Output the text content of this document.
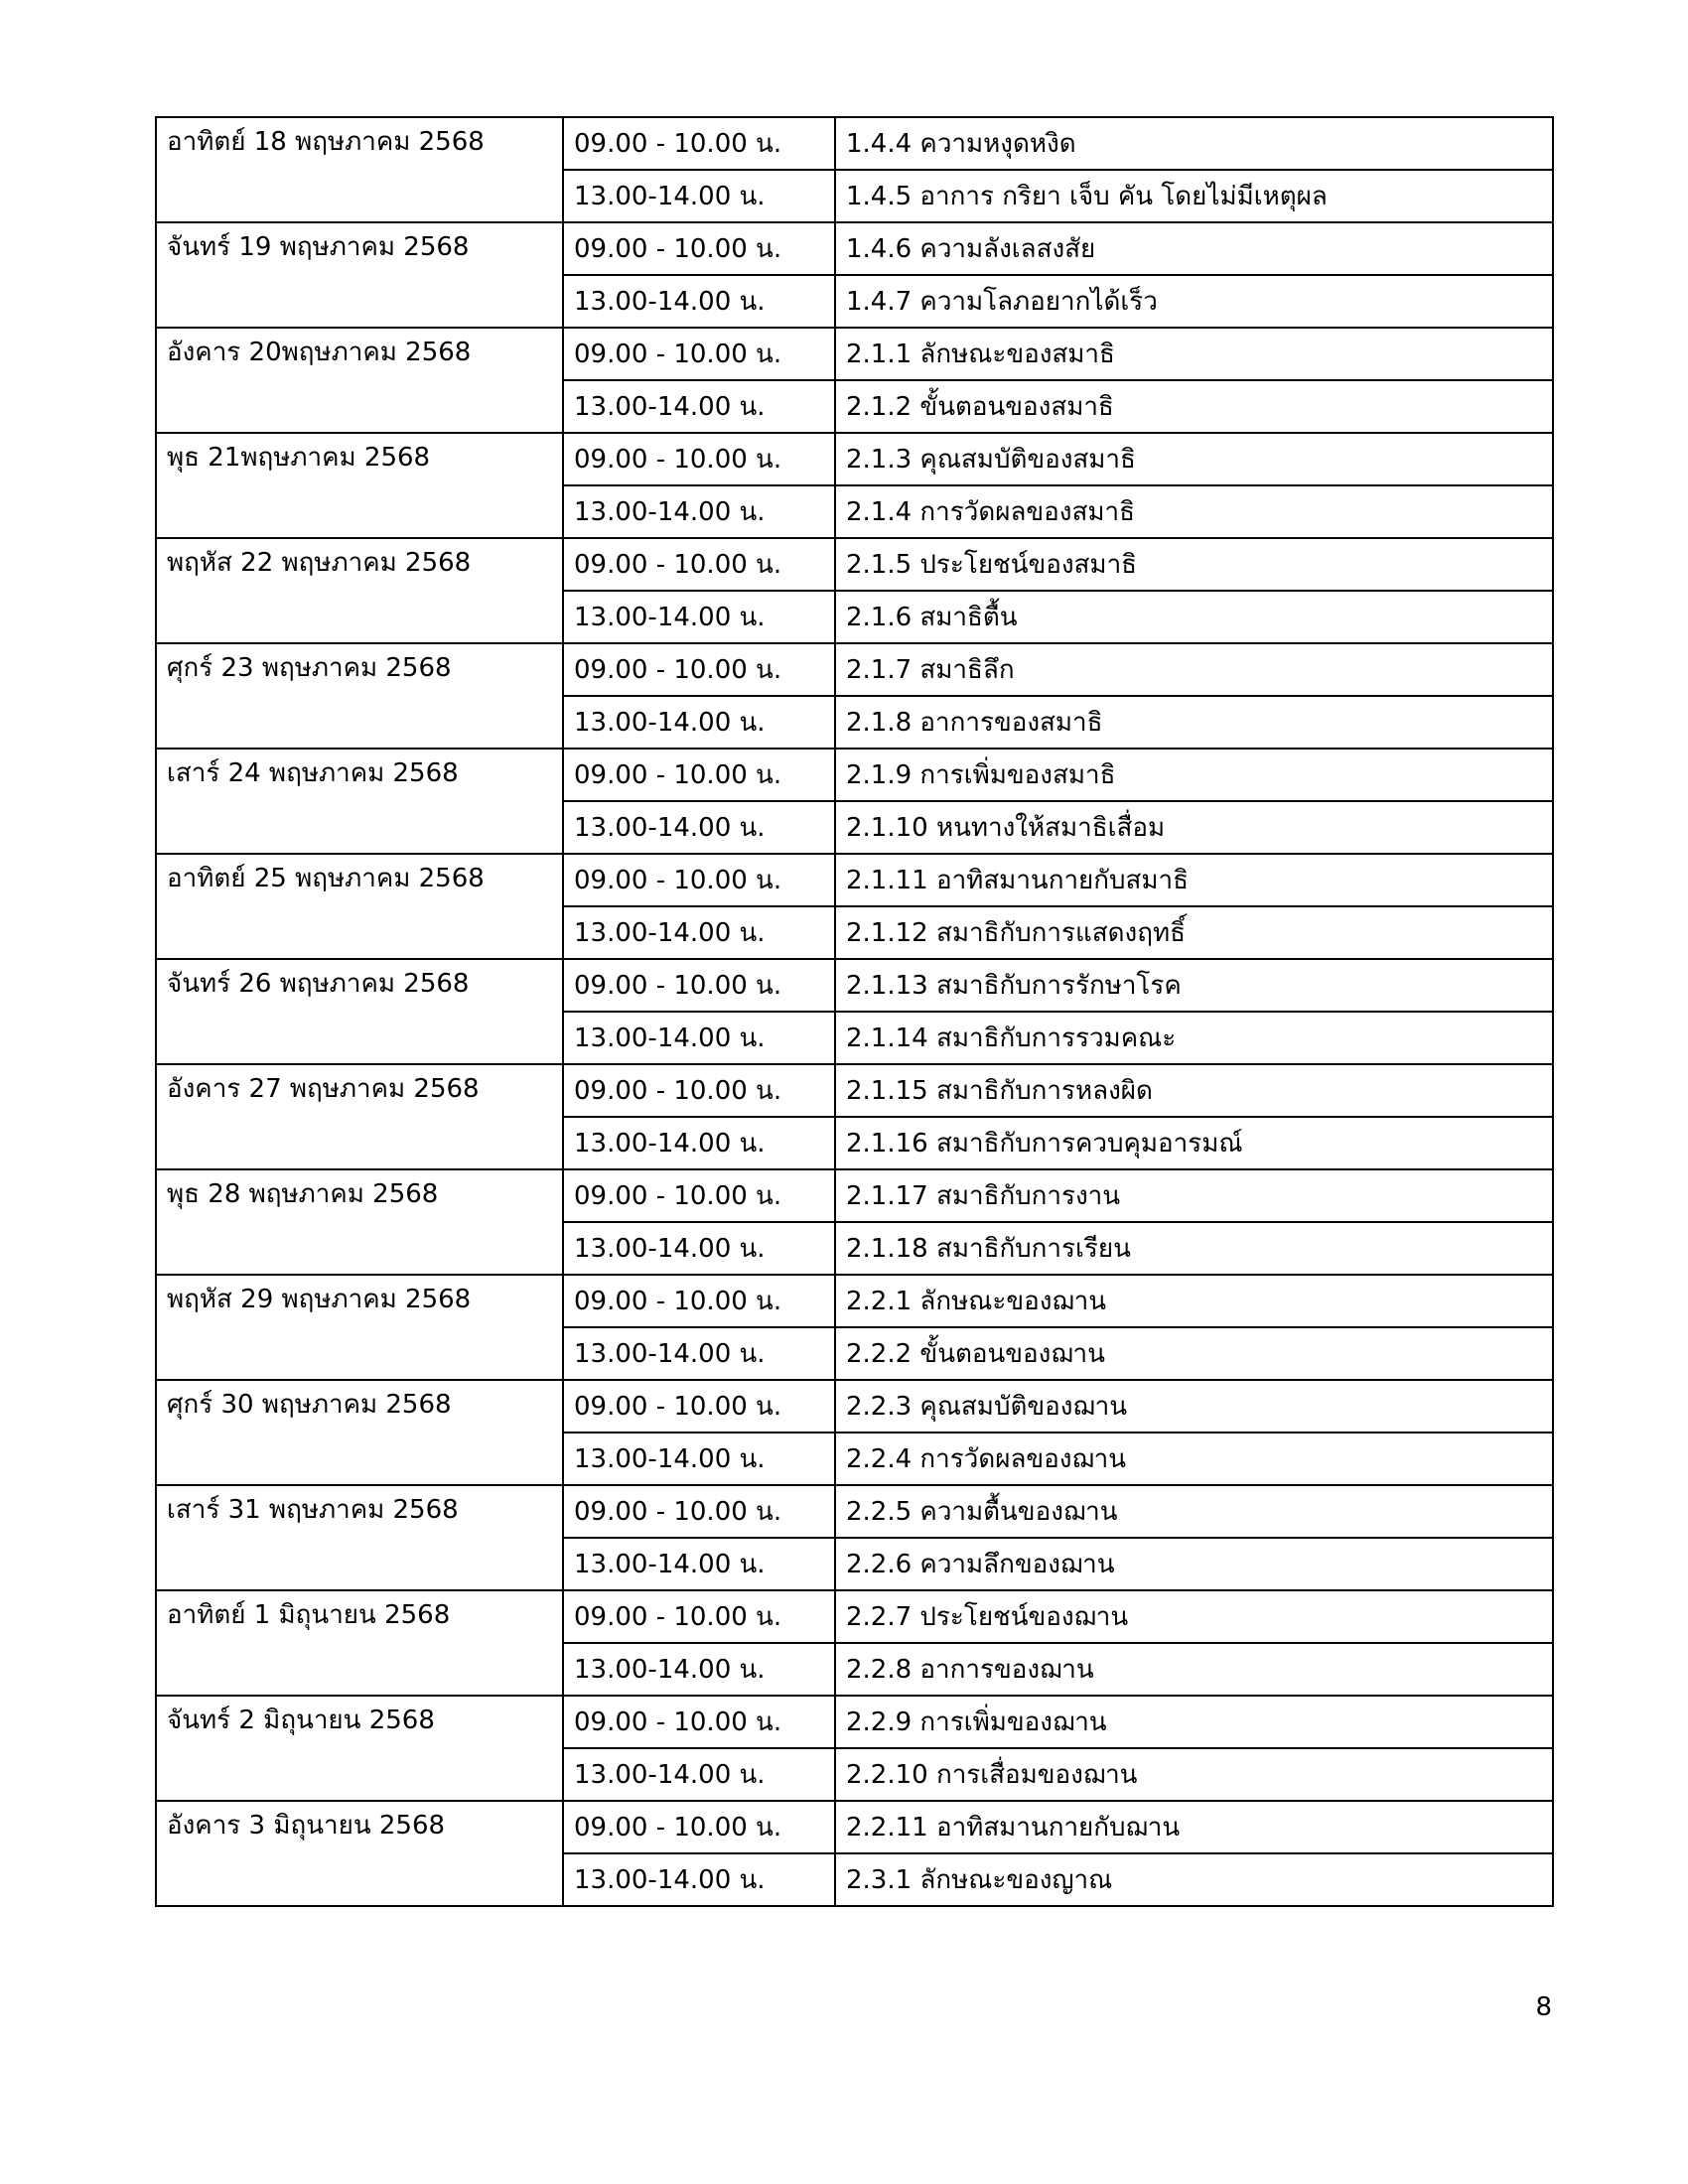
อาทิตย์ 18 พฤษภาคม 2568	09.00 - 10.00 น.	1.4.4 ความหงุดหงิด
	13.00-14.00 น.	1.4.5 อาการ กริยา เจ็บ คัน โดยไม่มีเหตุผล
จันทร์ 19 พฤษภาคม 2568	09.00 - 10.00 น.	1.4.6 ความลังเลสงสัย
	13.00-14.00 น.	1.4.7 ความโลภอยากได้เร็ว
อังคาร 20พฤษภาคม 2568	09.00 - 10.00 น.	2.1.1 ลักษณะของสมาธิ
	13.00-14.00 น.	2.1.2 ขั้นตอนของสมาธิ
พุธ 21พฤษภาคม 2568	09.00 - 10.00 น.	2.1.3 คุณสมบัติของสมาธิ
	13.00-14.00 น.	2.1.4 การวัดผลของสมาธิ
พฤหัส 22 พฤษภาคม 2568	09.00 - 10.00 น.	2.1.5 ประโยชน์ของสมาธิ
	13.00-14.00 น.	2.1.6 สมาธิตื้น
ศุกร์ 23 พฤษภาคม 2568	09.00 - 10.00 น.	2.1.7 สมาธิลึก
	13.00-14.00 น.	2.1.8 อาการของสมาธิ
เสาร์ 24 พฤษภาคม 2568	09.00 - 10.00 น.	2.1.9 การเพิ่มของสมาธิ
	13.00-14.00 น.	2.1.10 หนทางให้สมาธิเสื่อม
อาทิตย์ 25 พฤษภาคม 2568	09.00 - 10.00 น.	2.1.11 อาทิสมานกายกับสมาธิ
	13.00-14.00 น.	2.1.12 สมาธิกับการแสดงฤทธิ์
จันทร์ 26 พฤษภาคม 2568	09.00 - 10.00 น.	2.1.13 สมาธิกับการรักษาโรค
	13.00-14.00 น.	2.1.14 สมาธิกับการรวมคณะ
อังคาร 27 พฤษภาคม 2568	09.00 - 10.00 น.	2.1.15 สมาธิกับการหลงผิด
	13.00-14.00 น.	2.1.16 สมาธิกับการควบคุมอารมณ์
พุธ 28 พฤษภาคม 2568	09.00 - 10.00 น.	2.1.17 สมาธิกับการงาน
	13.00-14.00 น.	2.1.18 สมาธิกับการเรียน
พฤหัส 29 พฤษภาคม 2568	09.00 - 10.00 น.	2.2.1 ลักษณะของฌาน
	13.00-14.00 น.	2.2.2 ขั้นตอนของฌาน
ศุกร์ 30 พฤษภาคม 2568	09.00 - 10.00 น.	2.2.3 คุณสมบัติของฌาน
	13.00-14.00 น.	2.2.4 การวัดผลของฌาน
เสาร์ 31 พฤษภาคม 2568	09.00 - 10.00 น.	2.2.5 ความตื้นของฌาน
	13.00-14.00 น.	2.2.6 ความลึกของฌาน
อาทิตย์ 1 มิถุนายน 2568	09.00 - 10.00 น.	2.2.7 ประโยชน์ของฌาน
	13.00-14.00 น.	2.2.8 อาการของฌาน
จันทร์ 2 มิถุนายน 2568	09.00 - 10.00 น.	2.2.9 การเพิ่มของฌาน
	13.00-14.00 น.	2.2.10 การเสื่อมของฌาน
อังคาร 3 มิถุนายน 2568	09.00 - 10.00 น.	2.2.11 อาทิสมานกายกับฌาน
	13.00-14.00 น.	2.3.1 ลักษณะของญาณ
8
